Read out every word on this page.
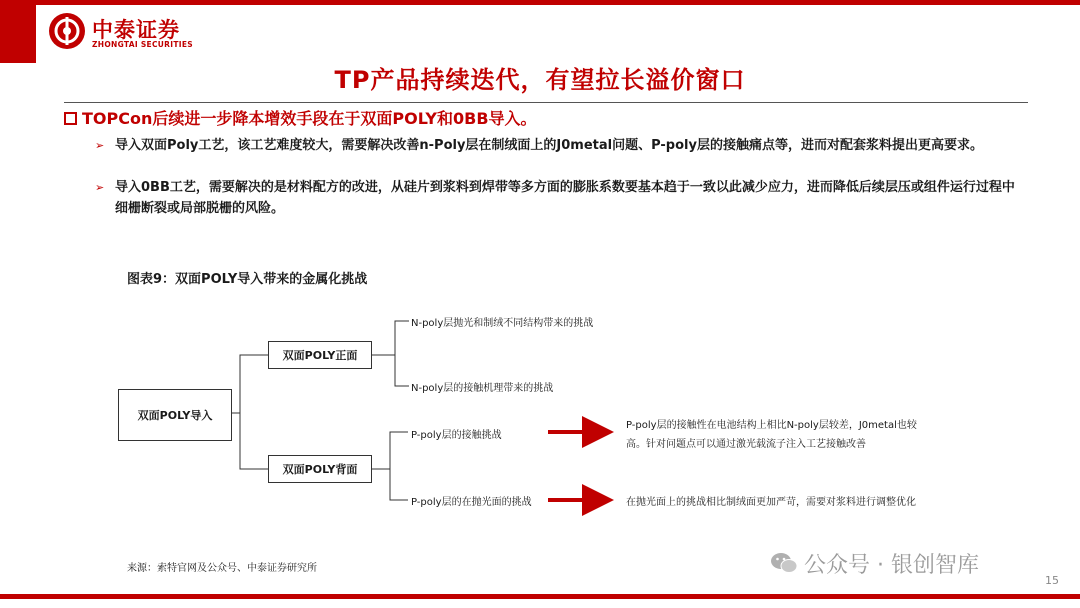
中泰证券
ZHONGTAI SECURITIES
TP产品持续迭代，有望拉长溢价窗口
TOPCon后续进一步降本增效手段在于双面POLY和0BB导入。
➢ 导入双面Poly工艺，该工艺难度较大，需要解决改善n-Poly层在制绒面上的J0metal问题、P-poly层的接触痛点等，进而对配套浆料提出更高要求。
➢ 导入0BB工艺，需要解决的是材料配方的改进，从硅片到浆料到焊带等多方面的膨胀系数要基本趋于一致以此减少应力，进而降低后续层压或组件运行过程中细栅断裂或局部脱栅的风险。
图表9：双面POLY导入带来的金属化挑战
双面POLY导入
双面POLY正面
双面POLY背面
N-poly层抛光和制绒不同结构带来的挑战
N-poly层的接触机理带来的挑战
P-poly层的接触挑战
P-poly层的在抛光面的挑战
P-poly层的接触性在电池结构上相比N-poly层较差，J0metal也较高。针对问题点可以通过激光载流子注入工艺接触改善
在抛光面上的挑战相比制绒面更加严苛，需要对浆料进行调整优化
来源：索特官网及公众号、中泰证券研究所	公众号 · 银创智库
15
